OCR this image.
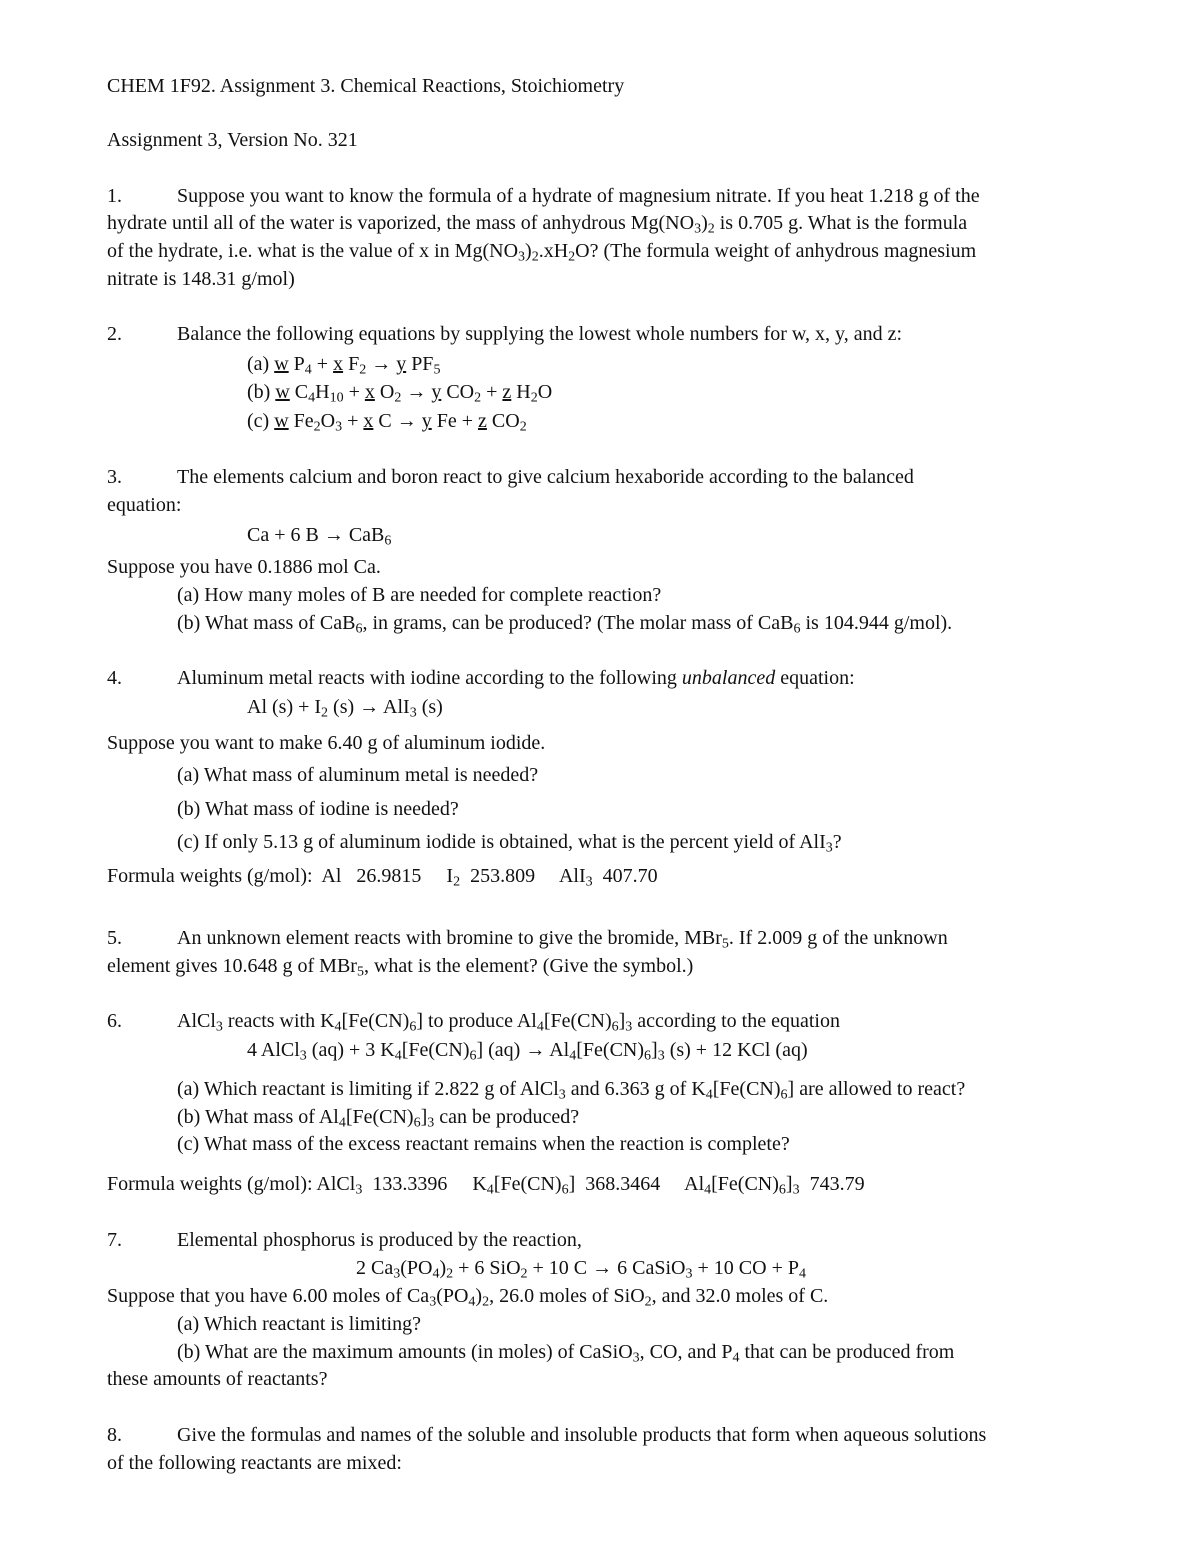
CHEM 1F92. Assignment 3. Chemical Reactions, Stoichiometry
Assignment 3, Version No. 321
1.	Suppose you want to know the formula of a hydrate of magnesium nitrate. If you heat 1.218 g of the
hydrate until all of the water is vaporized, the mass of anhydrous $Mg(NO_3)_2$ is 0.705 g. What is the formula
of the hydrate, i.e. what is the value of x in $Mg(NO_3)_2.xH_2O$? (The formula weight of anhydrous magnesium
nitrate is 148.31 g/mol)
2.	Balance the following equations by supplying the lowest whole numbers for w, x, y, and z:
(a) w $P_4 + x$ $F_2 \to y$ $PF_5$
(b) w $C_4H_{10} + x$ $O_2 \to y$ $CO_2 + z$ $H_2O$
(c) w $Fe_2O_3 + x$ C → y Fe + z $CO_2$
3.	The elements calcium and boron react to give calcium hexaboride according to the balanced
equation:
Ca + 6 B → CaB$_6$
Suppose you have 0.1886 mol Ca.
(a) How many moles of B are needed for complete reaction?
(b) What mass of CaB$_6$, in grams, can be produced? (The molar mass of CaB$_6$ is 104.944 g/mol).
4.	Aluminum metal reacts with iodine according to the following unbalanced equation:
Al $(s) + I_2$ (s) → AlI$_3$ (s)
Suppose you want to make 6.40 g of aluminum iodide.
(a) What mass of aluminum metal is needed?
(b) What mass of iodine is needed?
(c) If only 5.13 g of aluminum iodide is obtained, what is the percent yield of AlI$_3$?
Formula weights (g/mol):  Al   26.9815     $I_2$  253.809     AlI$_3$  407.70
5.	An unknown element reacts with bromine to give the bromide, MBr$_5$. If 2.009 g of the unknown
element gives 10.648 g of MBr$_5$, what is the element? (Give the symbol.)
6.	AlCl$_3$ reacts with $K_4[Fe(CN)_6]$ to produce $Al_4[Fe(CN)_6]_3$ according to the equation
4 AlCl$_3$ (aq) + 3 $K_4[Fe(CN)_6] (aq) \to Al_4[Fe(CN)_6]_3$ (s) + 12 KCl (aq)
(a) Which reactant is limiting if 2.822 g of AlCl$_3$ and 6.363 g of $K_4[Fe(CN)_6]$ are allowed to react?
(b) What mass of $Al_4[Fe(CN)_6]_3$ can be produced?
(c) What mass of the excess reactant remains when the reaction is complete?
Formula weights (g/mol): AlCl$_3$  133.3396     $K_4[Fe(CN)_6]$  368.3464     $Al_4[Fe(CN)_6]_3$  743.79
7.	Elemental phosphorus is produced by the reaction,
2 $Ca_3(PO_4)_2 + 6$ SiO$_2$ + 10 C → 6 CaSiO$_3$ + 10 CO + $P_4$
Suppose that you have 6.00 moles of $Ca_3(PO_4)_2$, 26.0 moles of SiO$_2$, and 32.0 moles of C.
(a) Which reactant is limiting?
(b) What are the maximum amounts (in moles) of CaSiO$_3$, CO, and $P_4$ that can be produced from
these amounts of reactants?
8.	Give the formulas and names of the soluble and insoluble products that form when aqueous solutions
of the following reactants are mixed:
